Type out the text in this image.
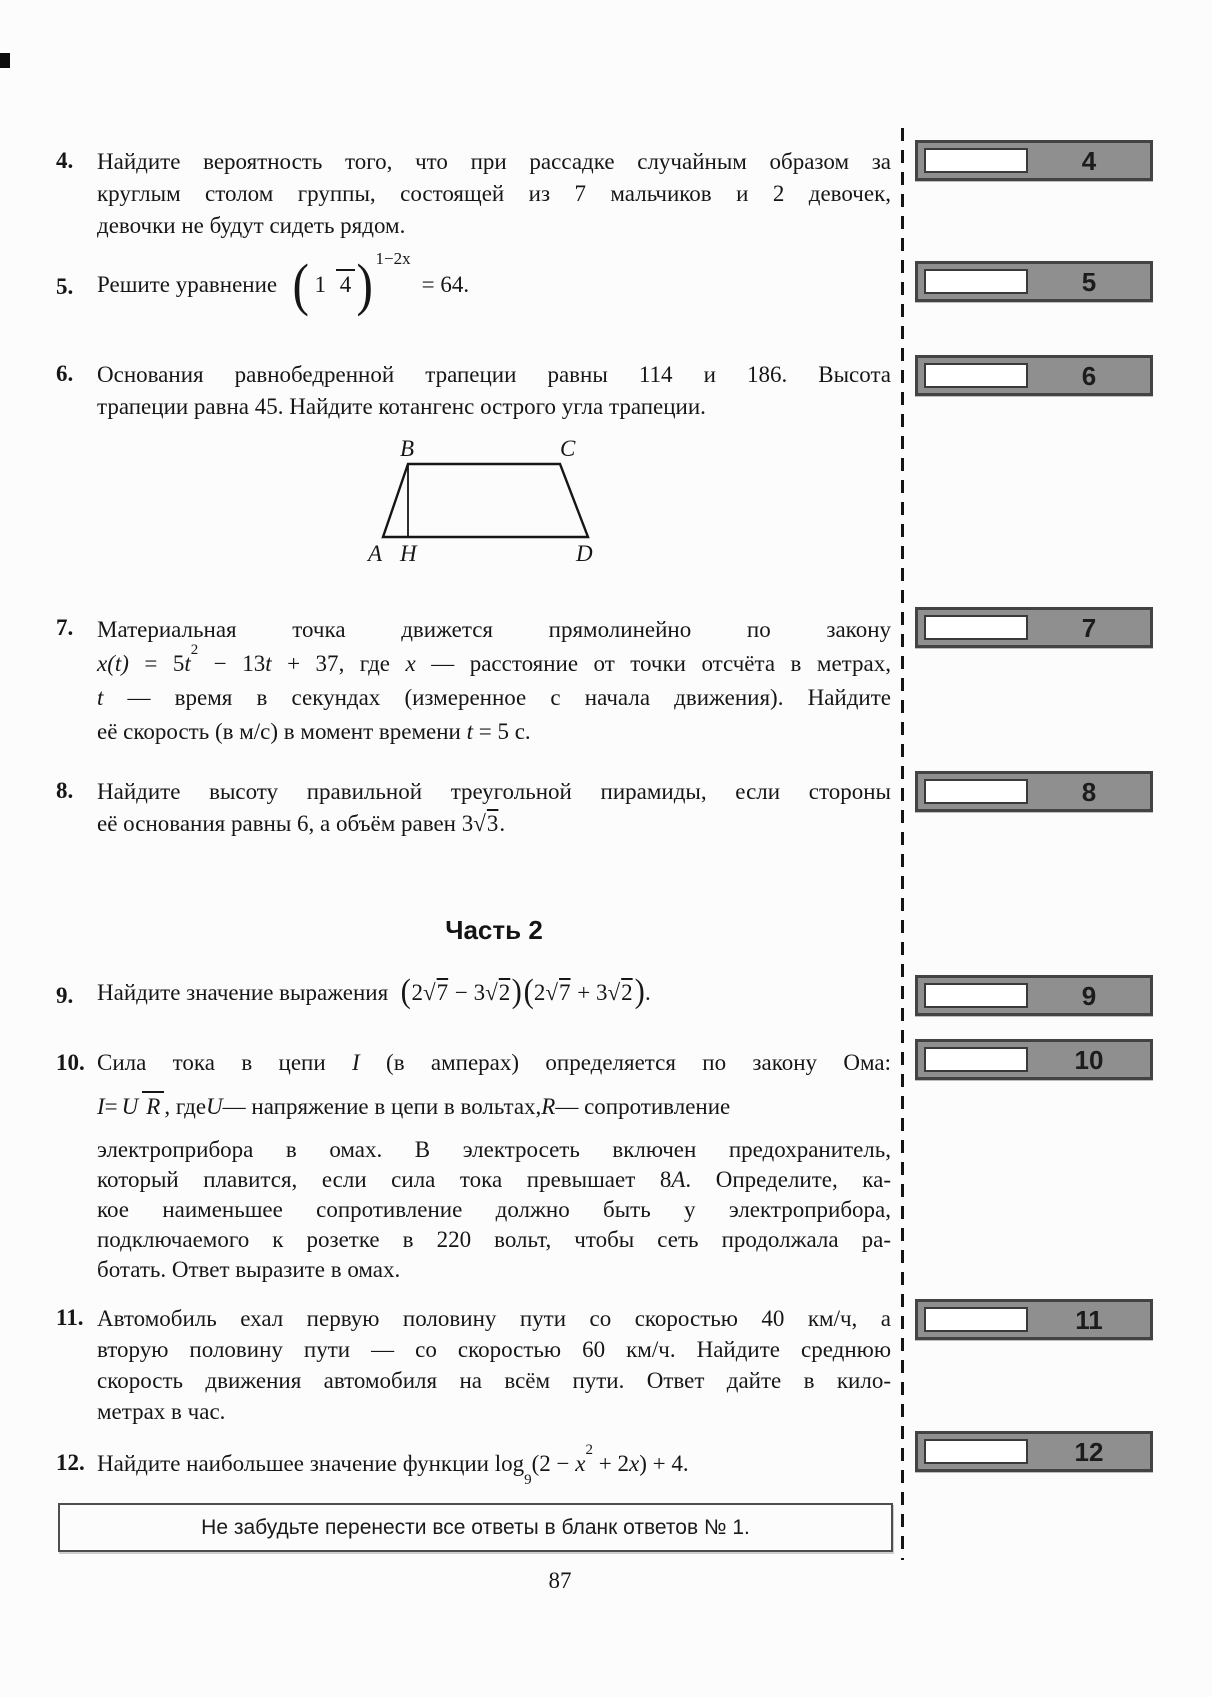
4.	Найдите вероятность того, что при рассадке случайным образом за
круглым столом группы, состоящей из 7 мальчиков и 2 девочек,
девочки не будут сидеть рядом.
5.	Решите уравнение ( 1 4 ) 1−2x
= 64.
6.	Основания равнобедренной трапеции равны 114 и 186. Высота
трапеции равна 45. Найдите котангенс острого угла трапеции.
B	C
A H	D
7.	Материальная точка движется прямолинейно по закону
$x(t) = 5t^2 - 13t + 37$, где x — расстояние от точки отсчёта в метрах,
t — время в секундах (измеренное с начала движения). Найдите
её скорость (в м/с) в момент времени t = 5 с.
8.	Найдите высоту правильной треугольной пирамиды, если стороны
её основания равны 6, а объём равен 3√3.
Часть 2
9.	Найдите значение выражения (2√7 − 3√2)(2√7 + 3√2).
10. Сила тока в цепи I (в амперах) определяется по закону Ома:
I = U R , где U — напряжение в цепи в вольтах, R — сопротивление
электроприбора в омах. В электросеть включен предохранитель,
который плавится, если сила тока превышает 8А. Определите, ка-
кое наименьшее сопротивление должно быть у электроприбора,
подключаемого к розетке в 220 вольт, чтобы сеть продолжала ра-
ботать. Ответ выразите в омах.
11. Автомобиль ехал первую половину пути со скоростью 40 км/ч, а
вторую половину пути — со скоростью 60 км/ч. Найдите среднюю
скорость движения автомобиля на всём пути. Ответ дайте в кило-
метрах в час.
12. Найдите наибольшее значение функции $\log_9(2 - x^2 + 2x) + 4$.
4
5
6
7
8
9
10
11
12
Не забудьте перенести все ответы в бланк ответов № 1.
87
